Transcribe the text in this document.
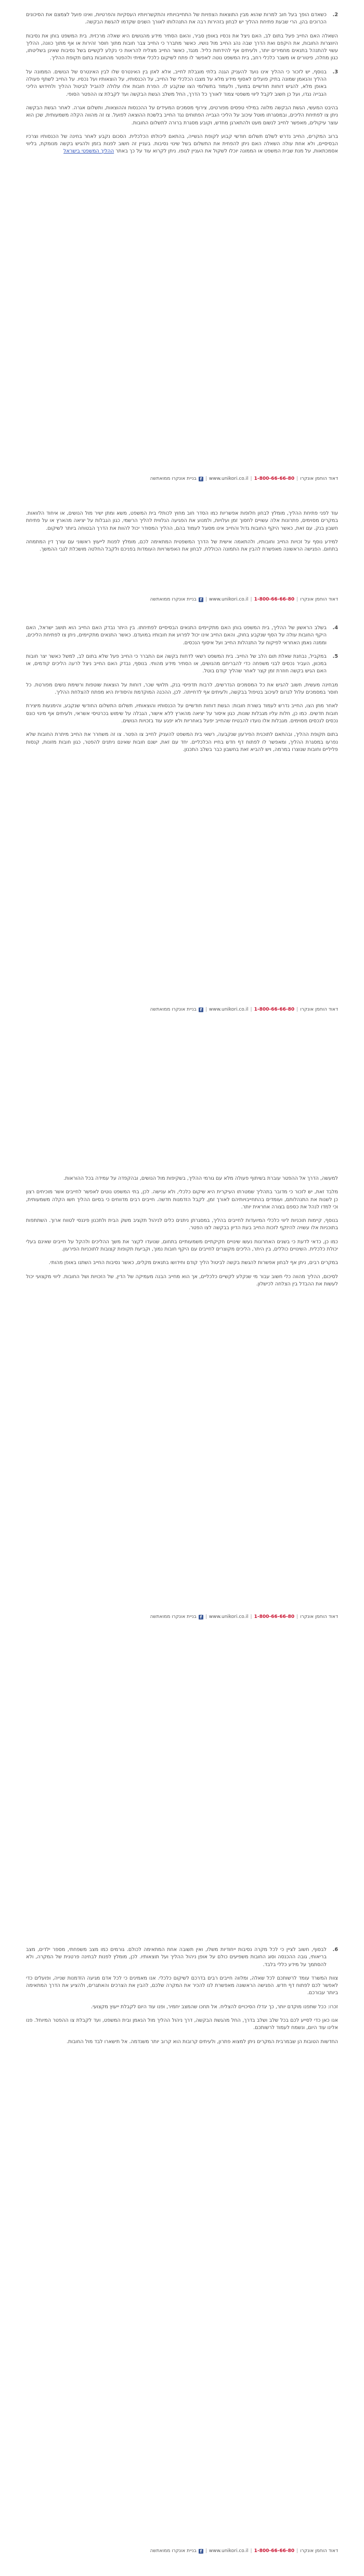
2.
כשאדם הופך בעל חוב למרות שהוא מבין התוצאות הצפויות של התחייבויותיו והתקשרויותיו העסקיות והפרטיות, ואינו פועל לצמצם את הסיכונים הכרוכים בהן, הרי שבעת פתיחת ההליך יש לבחון בזהירות רבה את התנהלותו לאורך השנים שקדמו להגשת הבקשה.

השאלה האם החייב פעל בתום לב, האם ניצל את נכסיו באופן סביר, והאם הסתיר מידע מהנושים היא שאלה מרכזית. בית המשפט בוחן את נסיבות היווצרות החובות, את היקפם ואת הדרך שבה נהג החייב מול נושיו. כאשר מתברר כי החייב צבר חובות מתוך חוסר זהירות או אף מתוך כוונה, ההליך עשוי להתנהל בתנאים מחמירים יותר, ולעיתים אף להידחות כליל. מנגד, כאשר החייב מצליח להראות כי נקלע לקשיים בשל נסיבות שאינן בשליטתו, כגון מחלה, פיטורים או משבר כלכלי רחב, בית המשפט נוטה לאפשר לו פתח לשיקום כלכלי אמיתי ולהפטר מהחובות בתום תקופת ההליך.

3.
בנוסף, יש לזכור כי ההליך אינו נועד להעניק הגנה בלתי מוגבלת לחייב, אלא לאזן בין האינטרס שלו לבין האינטרס של הנושים. הממונה על ההליך והנאמן שמונה בתיק פועלים לאסוף מידע מלא על מצבו הכלכלי של החייב, על הכנסותיו, על הוצאותיו ועל נכסיו. על החייב לשתף פעולה באופן מלא, להגיש דוחות חודשיים במועד, ולעמוד בתשלומי הצו שנקבע לו. הפרת חובות אלו עלולה להוביל לביטול ההליך ולחידוש הליכי הגבייה נגדו, ועל כן חשוב לקבל ליווי משפטי צמוד לאורך כל הדרך, החל משלב הגשת הבקשה ועד לקבלת צו ההפטר הסופי.

בהיבט המעשי, הגשת הבקשה מלווה במילוי טפסים מפורטים, צירוף מסמכים המעידים על ההכנסות וההוצאות, ותשלום אגרה. לאחר הגשת הבקשה ניתן צו לפתיחת הליכים, ובמסגרתו מוטל עיכוב על הליכי הגבייה הפתוחים נגד החייב בלשכת ההוצאה לפועל. צו זה מהווה הקלה משמעותית, שכן הוא עוצר עיקולים, מאפשר לחייב לנשום מעט ולהתארגן מחדש, וקובע מסגרת ברורה לתשלום החובות.

ברוב המקרים, החייב נדרש לשלם תשלום חודשי קבוע לקופת הנשייה, בהתאם ליכולתו הכלכלית. הסכום נקבע לאחר בחינה של הכנסותיו וצרכיו הבסיסיים, ולא אחת עולה השאלה האם ניתן להפחית את התשלום בשל שינוי נסיבות. בעניין זה חשוב לפנות בזמן ולהגיש בקשה מנומקת, בליווי אסמכתאות, על מנת שבית המשפט או הממונה יוכלו לשקול את העניין לגופו. ניתן לקרוא עוד על כך באתר ההליך המשפטי בישראל

דאוד הוחמן אונקרו
|
1-800-66-66-80
|
www.unikori.co.il
|
f
בניית אונקרו ממואתשה

עוד לפני פתיחת ההליך, מומלץ לבחון חלופות אפשריות כמו הסדר חוב מחוץ לכותלי בית המשפט, משא ומתן ישיר מול הנושים, או איחוד הלוואות. במקרים מסוימים, פתרונות אלה עשויים לחסוך זמן ועלויות, ולמנוע את הפגיעה הנלווית להליך הרשמי, כגון הגבלות על יציאה מהארץ או על פתיחת חשבון בנק. עם זאת, כאשר היקף החובות גדול והחייב אינו מסוגל לעמוד בהם, ההליך המסודר יכול להוות את הדרך הבטוחה ביותר לשיקום.

למידע נוסף על זכויות החייב וחובותיו, ולהתאמה אישית של הדרך המשפטית המתאימה לכם, מומלץ לפנות לייעוץ ראשוני עם עורך דין המתמחה בתחום. הפגישה הראשונה מאפשרת להבין את התמונה הכוללת, לבחון את האפשרויות העומדות בפניכם ולקבל החלטה מושכלת לגבי ההמשך.

דאוד הוחמן אונקרו
|
1-800-66-66-80
|
www.unikori.co.il
|
f
בניית אונקרו ממואתשה

4.
בשלב הראשון של ההליך, בית המשפט בוחן האם מתקיימים התנאים הבסיסיים לפתיחתו. בין היתר נבדק האם החייב הוא תושב ישראל, האם היקף החובות עולה על הסף שנקבע בחוק, והאם החייב אינו יכול לפרוע את חובותיו במועדם. כאשר התנאים מתקיימים, ניתן צו לפתיחת הליכים, וממנה נאמן האחראי לפיקוח על התנהלות החייב ועל איסוף הנכסים.

5.
במקביל, נבחנת שאלת תום הלב של החייב. בית המשפט רשאי לדחות בקשה אם התברר כי החייב פעל שלא בתום לב, למשל כאשר יצר חובות במכוון, העביר נכסים לבני משפחה כדי להבריחם מהנושים, או הסתיר מידע מהותי. בנוסף, נבדק האם החייב ניצל לרעה הליכים קודמים, או האם הגיש בקשה חוזרת זמן קצר לאחר שהליך קודם בוטל.

מבחינה מעשית, חשוב להגיש את כל המסמכים הנדרשים, לרבות תדפיסי בנק, תלושי שכר, דוחות על הוצאות שוטפות ורשימת נושים מפורטת. כל חוסר במסמכים עלול לגרום לעיכוב בטיפול בבקשה, ולעיתים אף לדחייתה. לכן, ההכנה המוקדמת והיסודית היא מפתח להצלחת ההליך.

לאחר מתן הצו, החייב נדרש לעמוד בשורת חובות: הגשת דוחות חודשיים על הכנסותיו והוצאותיו, תשלום התשלום החודשי שנקבע, והימנעות מיצירת חובות חדשים. כמו כן, חלות עליו מגבלות שונות, כגון איסור על יציאה מהארץ ללא אישור, הגבלה על שימוש בכרטיסי אשראי, ולעיתים אף מינוי כונס נכסים לנכסים מסוימים. מגבלות אלו נועדו להבטיח שהחייב יפעל באחריות ולא יפגע עוד בזכויות הנושים.

בתום תקופת ההליך, ובהתאם לתוכנית הפירעון שנקבעה, רשאי בית המשפט להעניק לחייב צו הפטר. צו זה משחרר את החייב מיתרת החובות שלא נפרעו במסגרת ההליך, ומאפשר לו לפתוח דף חדש בחייו הכלכליים. יחד עם זאת, ישנם חובות שאינם ניתנים להפטר, כגון חובות מזונות, קנסות פליליים וחובות שנוצרו במרמה, ויש להביא זאת בחשבון כבר בשלב התכנון.

דאוד הוחמן אונקרו
|
1-800-66-66-80
|
www.unikori.co.il
|
f
בניית אונקרו ממואתשה

למעשה, הדרך אל ההפטר עוברת בשיתוף פעולה מלא עם גורמי ההליך, בשקיפות מול הנושים, ובהקפדה על עמידה בכל ההוראות.

מלבד זאת, יש לזכור כי מדובר בתהליך שמטרתו העיקרית היא שיקום כלכלי, ולא ענישה. לכן, בתי המשפט נוטים לאפשר לחייבים אשר מוכיחים רצון כן לשנות את התנהלותם, ועומדים בהתחייבויותיהם לאורך זמן, לקבל הזדמנות חדשה. חייבים רבים מדווחים כי בסיום ההליך חשו הקלה משמעותית, וכי למדו לנהל את כספם בצורה אחראית יותר.

בנוסף, קיימות תוכניות ליווי כלכלי המיועדות לחייבים בהליך, במסגרתן ניתנים כלים לניהול תקציב משק הבית ולתכנון פיננסי לטווח ארוך. השתתפות בתוכניות אלו עשויה להיזקף לזכות החייב בעת הדיון בבקשה לצו הפטר.

כמו כן, כדאי לדעת כי בשנים האחרונות נעשו שינויים חקיקתיים משמעותיים בתחום, שנועדו לקצר את משך ההליכים ולהקל על חייבים שאינם בעלי יכולת כלכלית. השינויים כוללים, בין היתר, הליכים מקוצרים לחייבים עם היקף חובות נמוך, וקביעת תקופות קצובות לתוכניות הפירעון.

במקרים רבים, ניתן אף לבחון אפשרות להגשת בקשה לביטול הליך קודם וחידושו בתנאים מקלים, כאשר נסיבות החייב השתנו באופן מהותי.

לסיכום, ההליך מהווה כלי חשוב עבור מי שנקלע לקשיים כלכליים, אך הוא מחייב הבנה מעמיקה של הדין, של הזכויות ושל החובות. ליווי מקצועי יכול לעשות את ההבדל בין הצלחה לכישלון.

דאוד הוחמן אונקרו
|
1-800-66-66-80
|
www.unikori.co.il
|
f
בניית אונקרו ממואתשה

6.
לבסוף, חשוב לציין כי לכל מקרה נסיבות ייחודיות משלו, ואין תשובה אחת המתאימה לכולם. גורמים כמו מצב משפחתי, מספר ילדים, מצב בריאותי, גובה ההכנסה וסוג החובות משפיעים כולם על אופן ניהול ההליך ועל תוצאותיו. לכן, מומלץ לפנות לבחינה פרטנית של המקרה, ולא להסתמך על מידע כללי בלבד.

צוות המשרד עומד לרשותכם לכל שאלה, ומלווה חייבים רבים בדרכם לשיקום כלכלי. אנו מאמינים כי לכל אדם מגיעה הזדמנות שנייה, ופועלים כדי לאפשר לכם לפתוח דף חדש. הפגישה הראשונה מאפשרת לנו להכיר את המקרה שלכם, להבין את הצרכים והאתגרים, ולהציע את הדרך המתאימה ביותר עבורכם.

זכרו: ככל שתפנו מוקדם יותר, כך יגדלו הסיכויים להצליח. אל תחכו שהמצב יחמיר, ופנו עוד היום לקבלת ייעוץ מקצועי.

אנו כאן כדי לסייע לכם בכל שלב ושלב בדרך, החל מהגשת הבקשה, דרך ניהול ההליך מול הנאמן ובית המשפט, ועד לקבלת צו ההפטר המיוחל. פנו אלינו עוד היום, ונשמח לעמוד לרשותכם.

החדשות הטובות הן שבמרבית המקרים ניתן למצוא פתרון, ולעיתים קרובות הוא קרוב יותר משנדמה. אל תישארו לבד מול החובות.

דאוד הוחמן אונקרו
|
1-800-66-66-80
|
www.unikori.co.il
|
f
בניית אונקרו ממואתשה
